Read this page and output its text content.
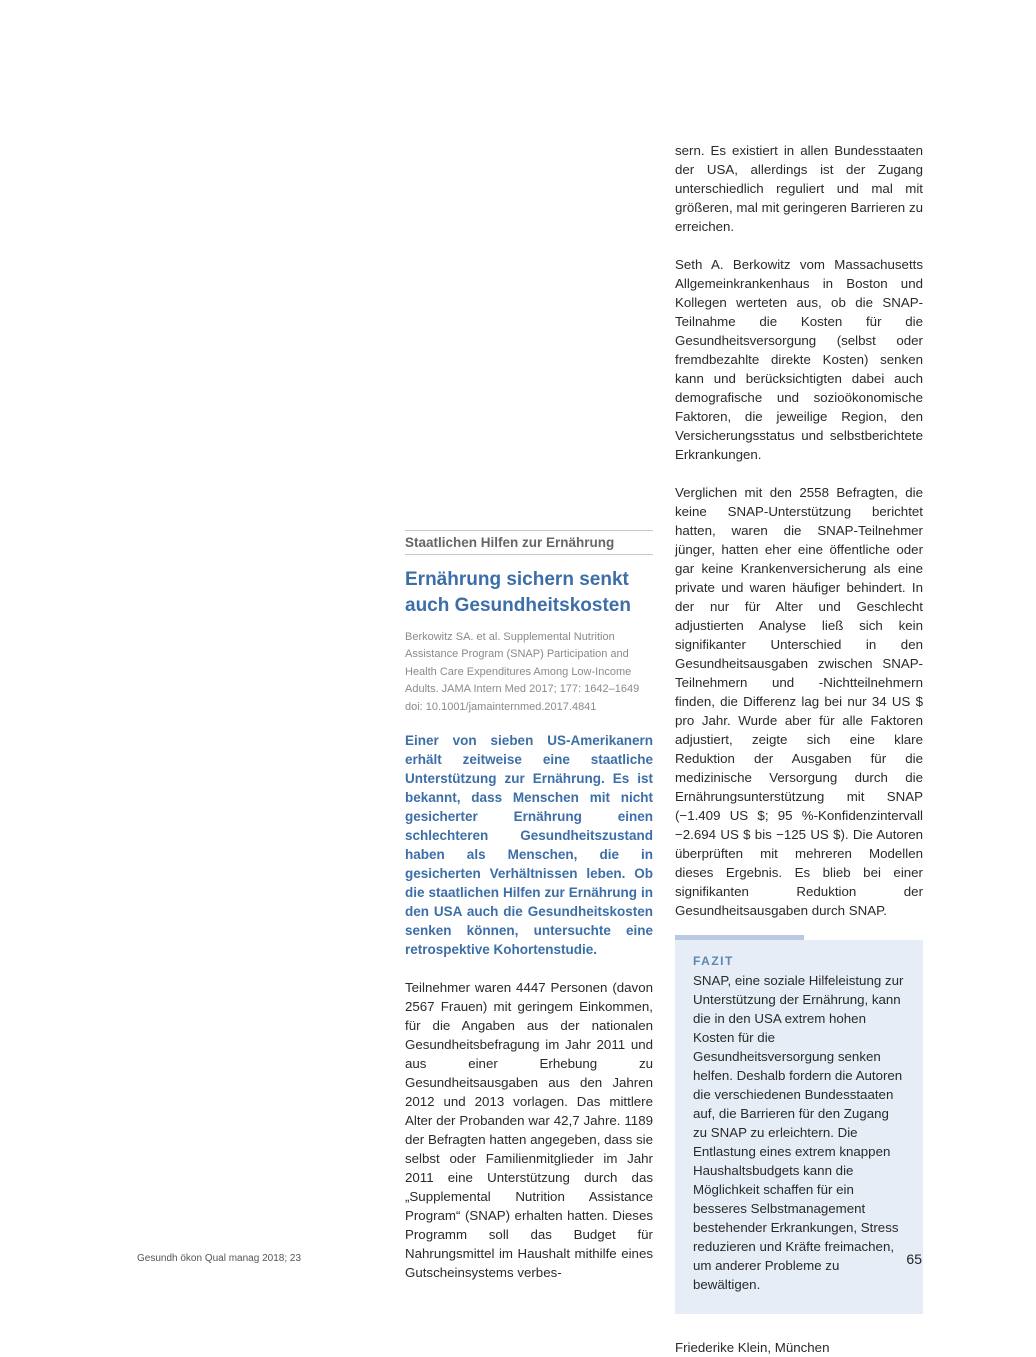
Staatlichen Hilfen zur Ernährung
Ernährung sichern senkt auch Gesundheitskosten

Berkowitz SA. et al. Supplemental Nutrition Assistance Program (SNAP) Participation and Health Care Expenditures Among Low-Income Adults. JAMA Intern Med 2017; 177: 1642–1649 doi: 10.1001/jamainternmed.2017.4841

Einer von sieben US-Amerikanern erhält zeitweise eine staatliche Unterstützung zur Ernährung. Es ist bekannt, dass Menschen mit nicht gesicherter Ernährung einen schlechteren Gesundheitszustand haben als Menschen, die in gesicherten Verhältnissen leben. Ob die staatlichen Hilfen zur Ernährung in den USA auch die Gesundheitskosten senken können, untersuchte eine retrospektive Kohortenstudie.

Teilnehmer waren 4447 Personen (davon 2567 Frauen) mit geringem Einkommen, für die Angaben aus der nationalen Gesundheitsbefragung im Jahr 2011 und aus einer Erhebung zu Gesundheitsausgaben aus den Jahren 2012 und 2013 vorlagen. Das mittlere Alter der Probanden war 42,7 Jahre. 1189 der Befragten hatten angegeben, dass sie selbst oder Familienmitglieder im Jahr 2011 eine Unterstützung durch das „Supplemental Nutrition Assistance Program“ (SNAP) erhalten hatten. Dieses Programm soll das Budget für Nahrungsmittel im Haushalt mithilfe eines Gutscheinsystems verbes-

sern. Es existiert in allen Bundesstaaten der USA, allerdings ist der Zugang unterschiedlich reguliert und mal mit größeren, mal mit geringeren Barrieren zu erreichen.

Seth A. Berkowitz vom Massachusetts Allgemeinkrankenhaus in Boston und Kollegen werteten aus, ob die SNAP-Teilnahme die Kosten für die Gesundheitsversorgung (selbst oder fremdbezahlte direkte Kosten) senken kann und berücksichtigten dabei auch demografische und sozioökonomische Faktoren, die jeweilige Region, den Versicherungsstatus und selbstberichtete Erkrankungen.

Verglichen mit den 2558 Befragten, die keine SNAP-Unterstützung berichtet hatten, waren die SNAP-Teilnehmer jünger, hatten eher eine öffentliche oder gar keine Krankenversicherung als eine private und waren häufiger behindert. In der nur für Alter und Geschlecht adjustierten Analyse ließ sich kein signifikanter Unterschied in den Gesundheitsausgaben zwischen SNAP-Teilnehmern und -Nichtteilnehmern finden, die Differenz lag bei nur 34 US $ pro Jahr. Wurde aber für alle Faktoren adjustiert, zeigte sich eine klare Reduktion der Ausgaben für die medizinische Versorgung durch die Ernährungsunterstützung mit SNAP (−1.409 US $; 95 %-Konfidenzintervall −2.694 US $ bis −125 US $). Die Autoren überprüften mit mehreren Modellen dieses Ergebnis. Es blieb bei einer signifikanten Reduktion der Gesundheitsausgaben durch SNAP.

FAZIT

SNAP, eine soziale Hilfeleistung zur Unterstützung der Ernährung, kann die in den USA extrem hohen Kosten für die Gesundheitsversorgung senken helfen. Deshalb fordern die Autoren die verschiedenen Bundesstaaten auf, die Barrieren für den Zugang zu SNAP zu erleichtern. Die Entlastung eines extrem knappen Haushaltsbudgets kann die Möglichkeit schaffen für ein besseres Selbstmanagement bestehender Erkrankungen, Stress reduzieren und Kräfte freimachen, um anderer Probleme zu bewältigen.

Friederike Klein, München

Gesundh ökon Qual manag 2018; 23	65
